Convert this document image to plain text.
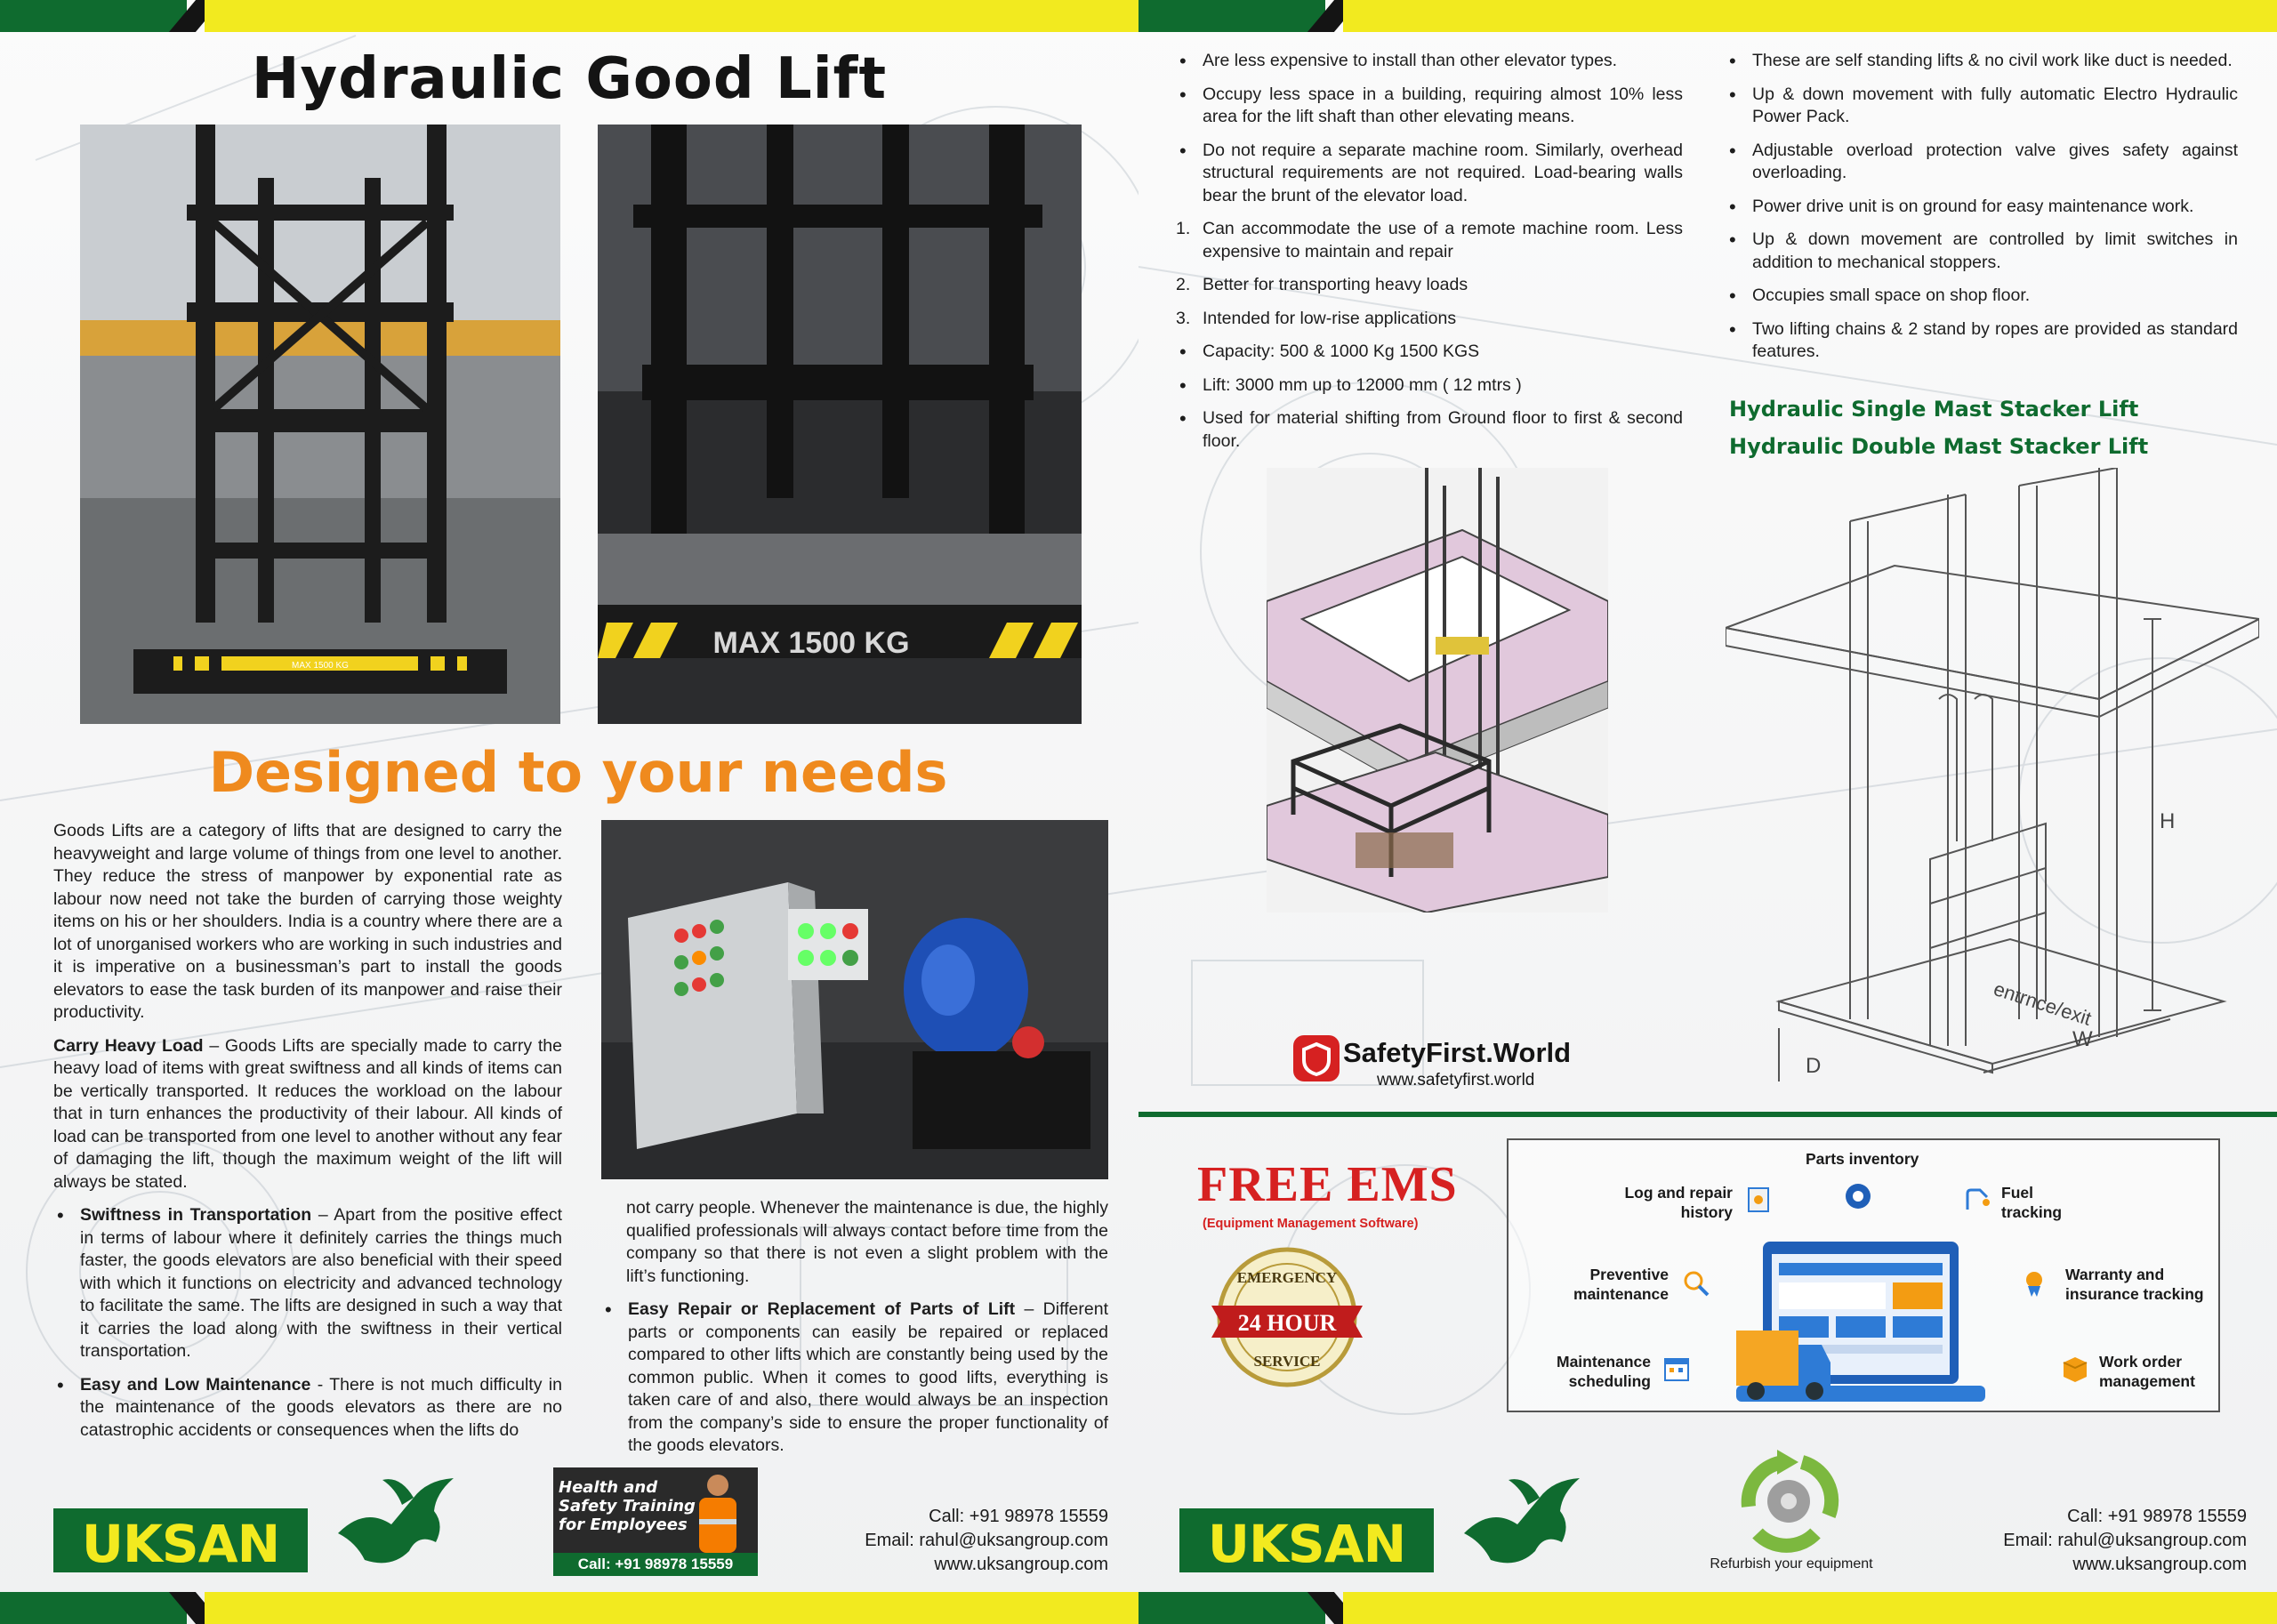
Hydraulic Good Lift
MAX 1500 KG
MAX 1500 KG
Designed to your needs

Goods Lifts are a category of lifts that are designed to carry the heavyweight and large volume of things from one level to another. They reduce the stress of manpower by exponential rate as labour now need not take the burden of carrying those weighty items on his or her shoulders. India is a country where there are a lot of unorganised workers who are working in such industries and it is imperative on a businessman’s part to install the goods elevators to ease the task burden of its manpower and raise their productivity.

Carry Heavy Load – Goods Lifts are specially made to carry the heavy load of items with great swiftness and all kinds of items can be vertically transported. It reduces the workload on the labour that in turn enhances the productivity of their labour. All kinds of load can be transported from one level to another without any fear of damaging the lift, though the maximum weight of the lift will always be stated.

• Swiftness in Transportation – Apart from the positive effect in terms of labour where it definitely carries the things much faster, the goods elevators are also beneficial with their speed with which it functions on electricity and advanced technology to facilitate the same. The lifts are designed in such a way that it carries the load along with the swiftness in their vertical transportation.
• Easy and Low Maintenance - There is not much difficulty in the maintenance of the goods elevators as there are no catastrophic accidents or consequences when the lifts do

not carry people. Whenever the maintenance is due, the highly qualified professionals will always contact before time from the company so that there is not even a slight problem with the lift’s functioning.

• Easy Repair or Replacement of Parts of Lift – Different parts or components can easily be repaired or replaced compared to other lifts which are constantly being used by the common public. When it comes to good lifts, everything is taken care of and also, there would always be an inspection from the company’s side to ensure the proper functionality of the goods elevators.
UKSAN
Health and
Safety Training
for Employees
Call: +91 98978 15559
Call: +91 98978 15559
Email: rahul@uksangroup.com
www.uksangroup.com
• Are less expensive to install than other elevator types.
• Occupy less space in a building, requiring almost 10% less area for the lift shaft than other elevating means.
• Do not require a separate machine room. Similarly, overhead structural requirements are not required. Load-bearing walls bear the brunt of the elevator load.
1. Can accommodate the use of a remote machine room. Less expensive to maintain and repair
2. Better for transporting heavy loads
3. Intended for low-rise applications
• Capacity: 500 & 1000 Kg 1500 KGS
• Lift: 3000 mm up to 12000 mm ( 12 mtrs )
• Used for material shifting from Ground floor to first & second floor.
• These are self standing lifts & no civil work like duct is needed.
• Up & down movement with fully automatic Electro Hydraulic Power Pack.
• Adjustable overload protection valve gives safety against overloading.
• Power drive unit is on ground for easy maintenance work.
• Up & down movement are controlled by limit switches in addition to mechanical stoppers.
• Occupies small space on shop floor.
• Two lifting chains & 2 stand by ropes are provided as standard features.
Hydraulic Single Mast Stacker Lift
Hydraulic Double Mast Stacker Lift
SafetyFirst.World
www.safetyfirst.world
H
W
D
entrnce/exit
FREE EMS
(Equipment Management Software)
EMERGENCY
24 HOUR
SERVICE
Parts inventory
Log and repair history
Fuel tracking
Preventive maintenance
Warranty and insurance tracking
Maintenance scheduling
Work order management
UKSAN	Refurbish your equipment
Call: +91 98978 15559
Email: rahul@uksangroup.com
www.uksangroup.com
